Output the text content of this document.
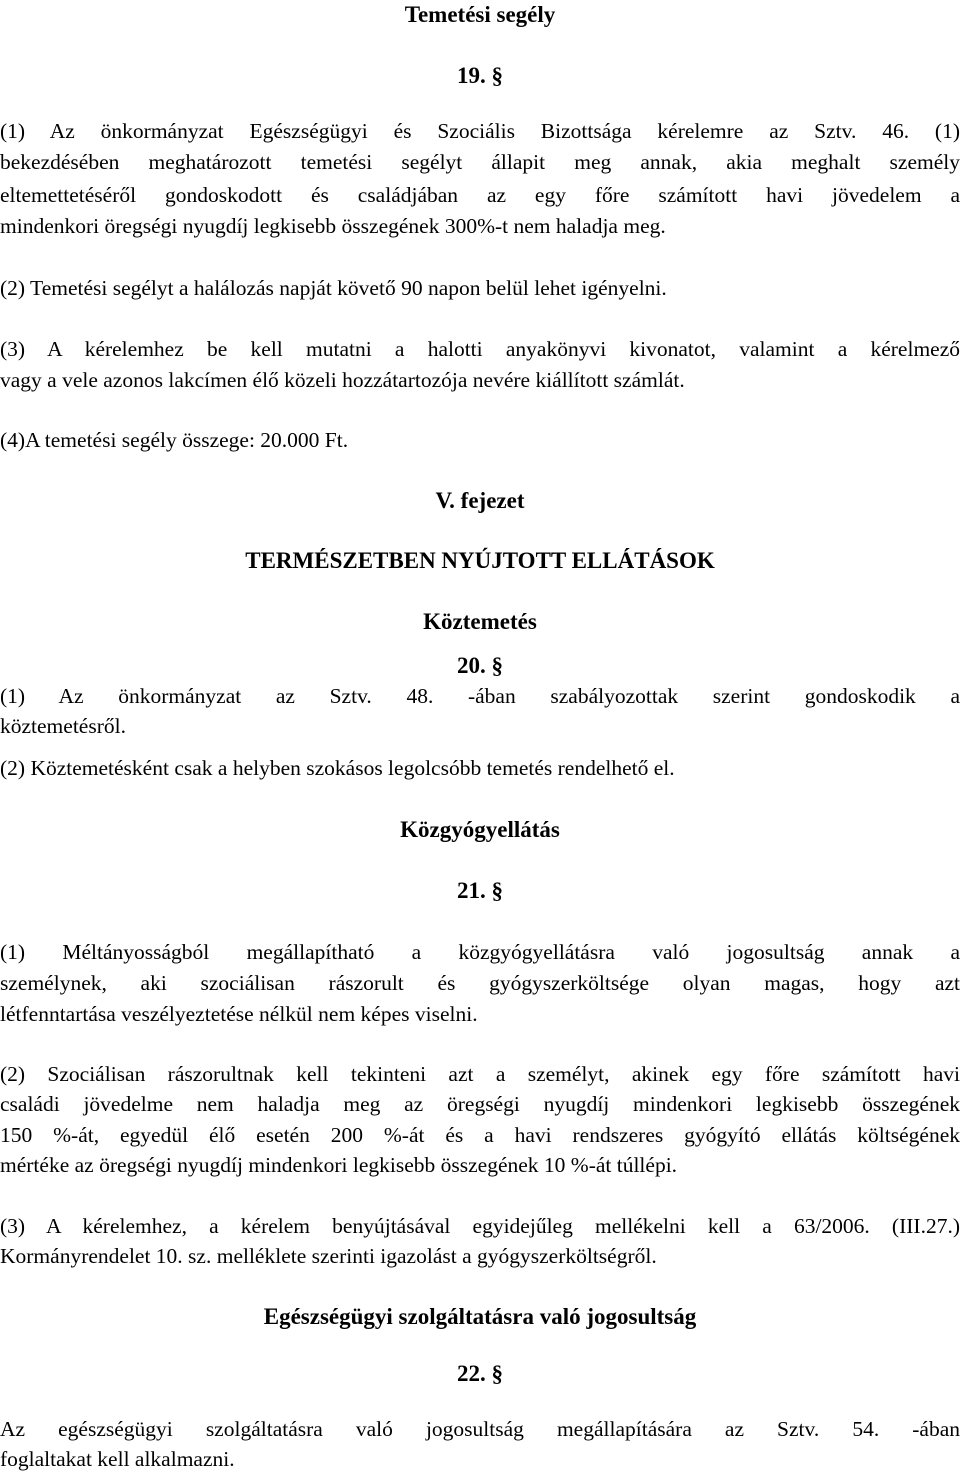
Temetési segély
19. §
(1) Az önkormányzat Egészségügyi és Szociális Bizottsága kérelemre az Sztv. 46. (1)
bekezdésében meghatározott temetési segélyt állapit meg annak, akia meghalt személy
eltemettetéséről gondoskodott és családjában az egy főre számított havi jövedelem a
mindenkori öregségi nyugdíj legkisebb összegének 300%-t nem haladja meg.
(2) Temetési segélyt a halálozás napját követő 90 napon belül lehet igényelni.
(3) A kérelemhez be kell mutatni a halotti anyakönyvi kivonatot, valamint a kérelmező
vagy a vele azonos lakcímen élő közeli hozzátartozója nevére kiállított számlát.
(4)A temetési segély összege: 20.000 Ft.
V. fejezet
TERMÉSZETBEN NYÚJTOTT ELLÁTÁSOK
Köztemetés
20. §
(1) Az önkormányzat az Sztv. 48. -ában szabályozottak szerint gondoskodik a
köztemetésről.
(2) Köztemetésként csak a helyben szokásos legolcsóbb temetés rendelhető el.
Közgyógyellátás
21. §
(1) Méltányosságból megállapítható a közgyógyellátásra való jogosultság annak a
személynek, aki szociálisan rászorult és gyógyszerköltsége olyan magas, hogy azt
létfenntartása veszélyeztetése nélkül nem képes viselni.
(2) Szociálisan rászorultnak kell tekinteni azt a személyt, akinek egy főre számított havi
családi jövedelme nem haladja meg az öregségi nyugdíj mindenkori legkisebb összegének
150 %-át, egyedül élő esetén 200 %-át és a havi rendszeres gyógyító ellátás költségének
mértéke az öregségi nyugdíj mindenkori legkisebb összegének 10 %-át túllépi.
(3) A kérelemhez, a kérelem benyújtásával egyidejűleg mellékelni kell a 63/2006. (III.27.)
Kormányrendelet 10. sz. melléklete szerinti igazolást a gyógyszerköltségről.
Egészségügyi szolgáltatásra való jogosultság
22. §
Az egészségügyi szolgáltatásra való jogosultság megállapítására az Sztv. 54. -ában
foglaltakat kell alkalmazni.
